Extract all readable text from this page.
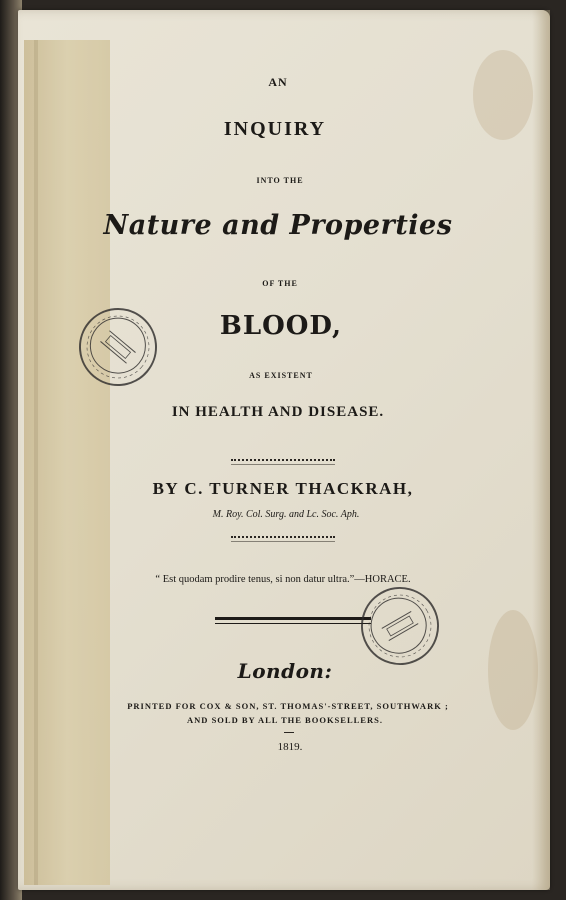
AN
INQUIRY
INTO THE
Nature and Properties
OF THE
BLOOD,
AS EXISTENT
IN HEALTH AND DISEASE.
BY C. TURNER THACKRAH,
M. Roy. Col. Surg. and Lc. Soc. Aph.
“ Est quodam prodire tenus, si non datur ultra.”—HORACE.
London:
PRINTED FOR COX & SON, ST. THOMAS'-STREET, SOUTHWARK ;
AND SOLD BY ALL THE BOOKSELLERS.
1819.
